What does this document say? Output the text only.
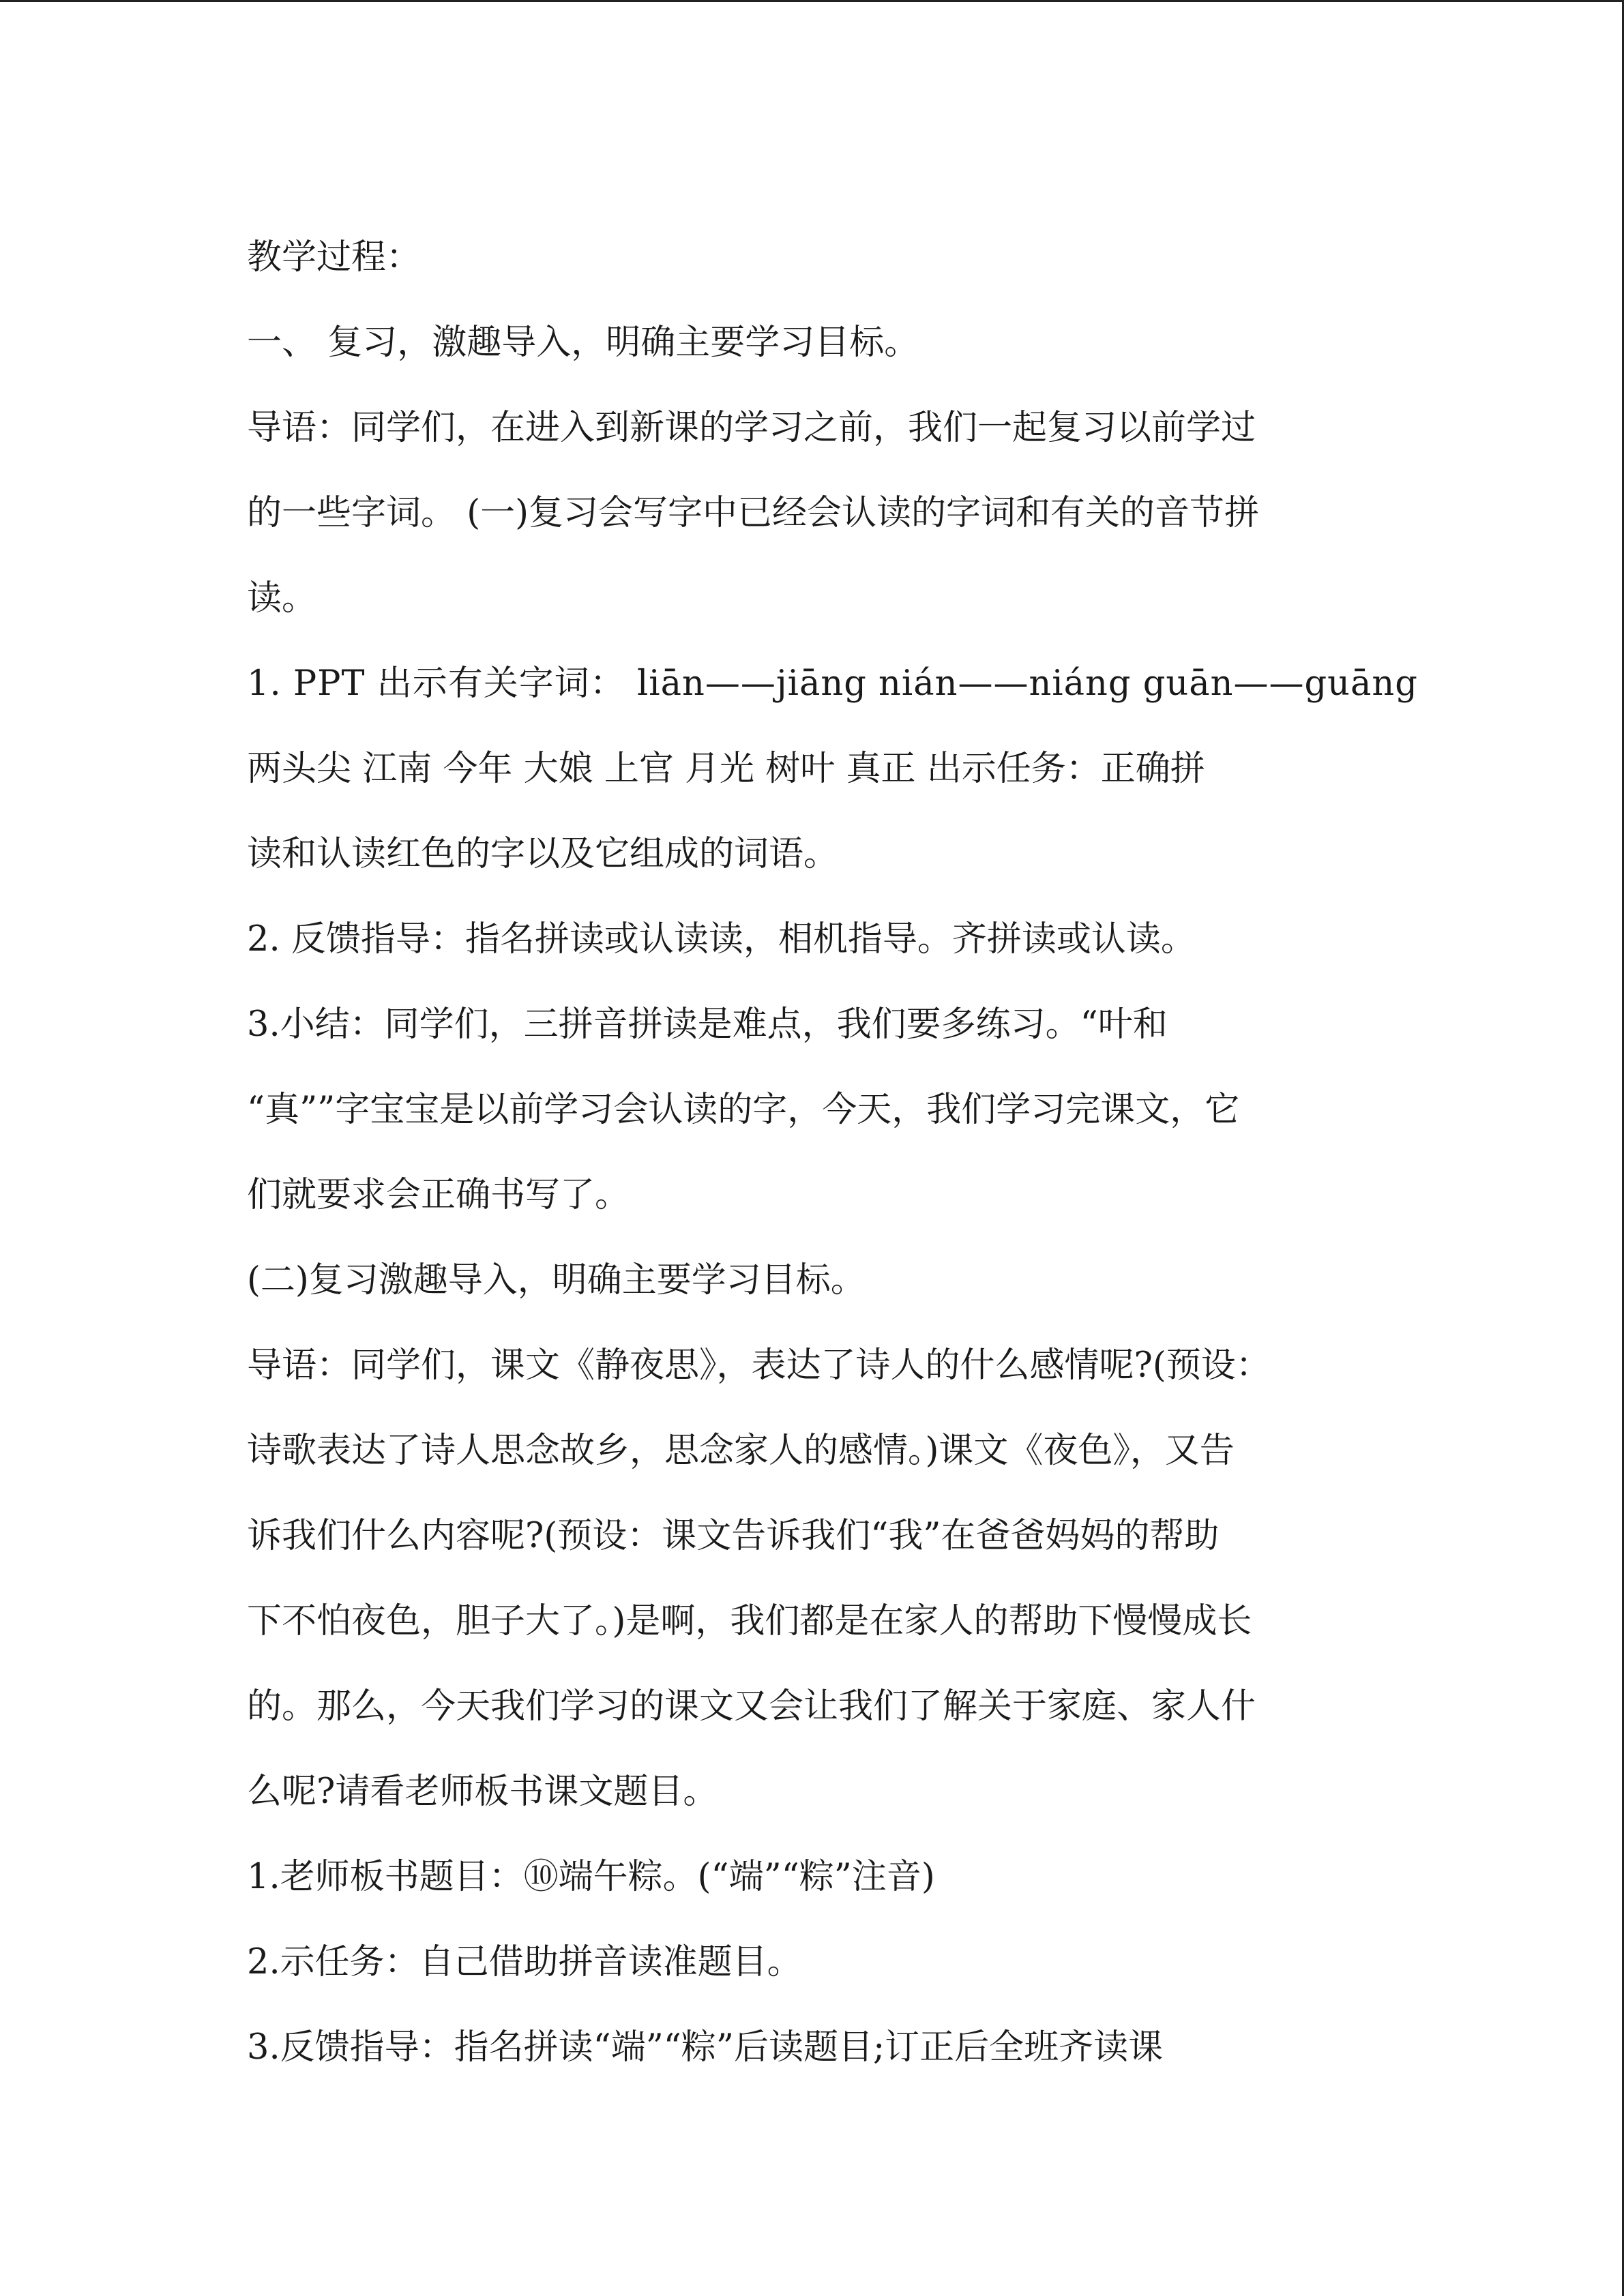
教学过程：
一、 复习，激趣导入，明确主要学习目标。
导语：同学们，在进入到新课的学习之前，我们一起复习以前学过
的一些字词。 (一)复习会写字中已经会认读的字词和有关的音节拼
读。
1. PPT 出示有关字词： liān——jiāng nián——niáng guān——guāng
两头尖 江南 今年 大娘 上官 月光 树叶 真正 出示任务：正确拼
读和认读红色的字以及它组成的词语。
2. 反馈指导：指名拼读或认读读，相机指导。齐拼读或认读。
3.小结：同学们，三拼音拼读是难点，我们要多练习。“叶和
“真””字宝宝是以前学习会认读的字，今天，我们学习完课文，它
们就要求会正确书写了。
(二)复习激趣导入，明确主要学习目标。
导语：同学们，课文《静夜思》，表达了诗人的什么感情呢?(预设：
诗歌表达了诗人思念故乡，思念家人的感情。)课文《夜色》，又告
诉我们什么内容呢?(预设：课文告诉我们“我”在爸爸妈妈的帮助
下不怕夜色，胆子大了。)是啊，我们都是在家人的帮助下慢慢成长
的。那么，今天我们学习的课文又会让我们了解关于家庭、家人什
么呢?请看老师板书课文题目。
1.老师板书题目：⑩端午粽。(“端”“粽”注音)
2.示任务：自己借助拼音读准题目。
3.反馈指导：指名拼读“端”“粽”后读题目;订正后全班齐读课
